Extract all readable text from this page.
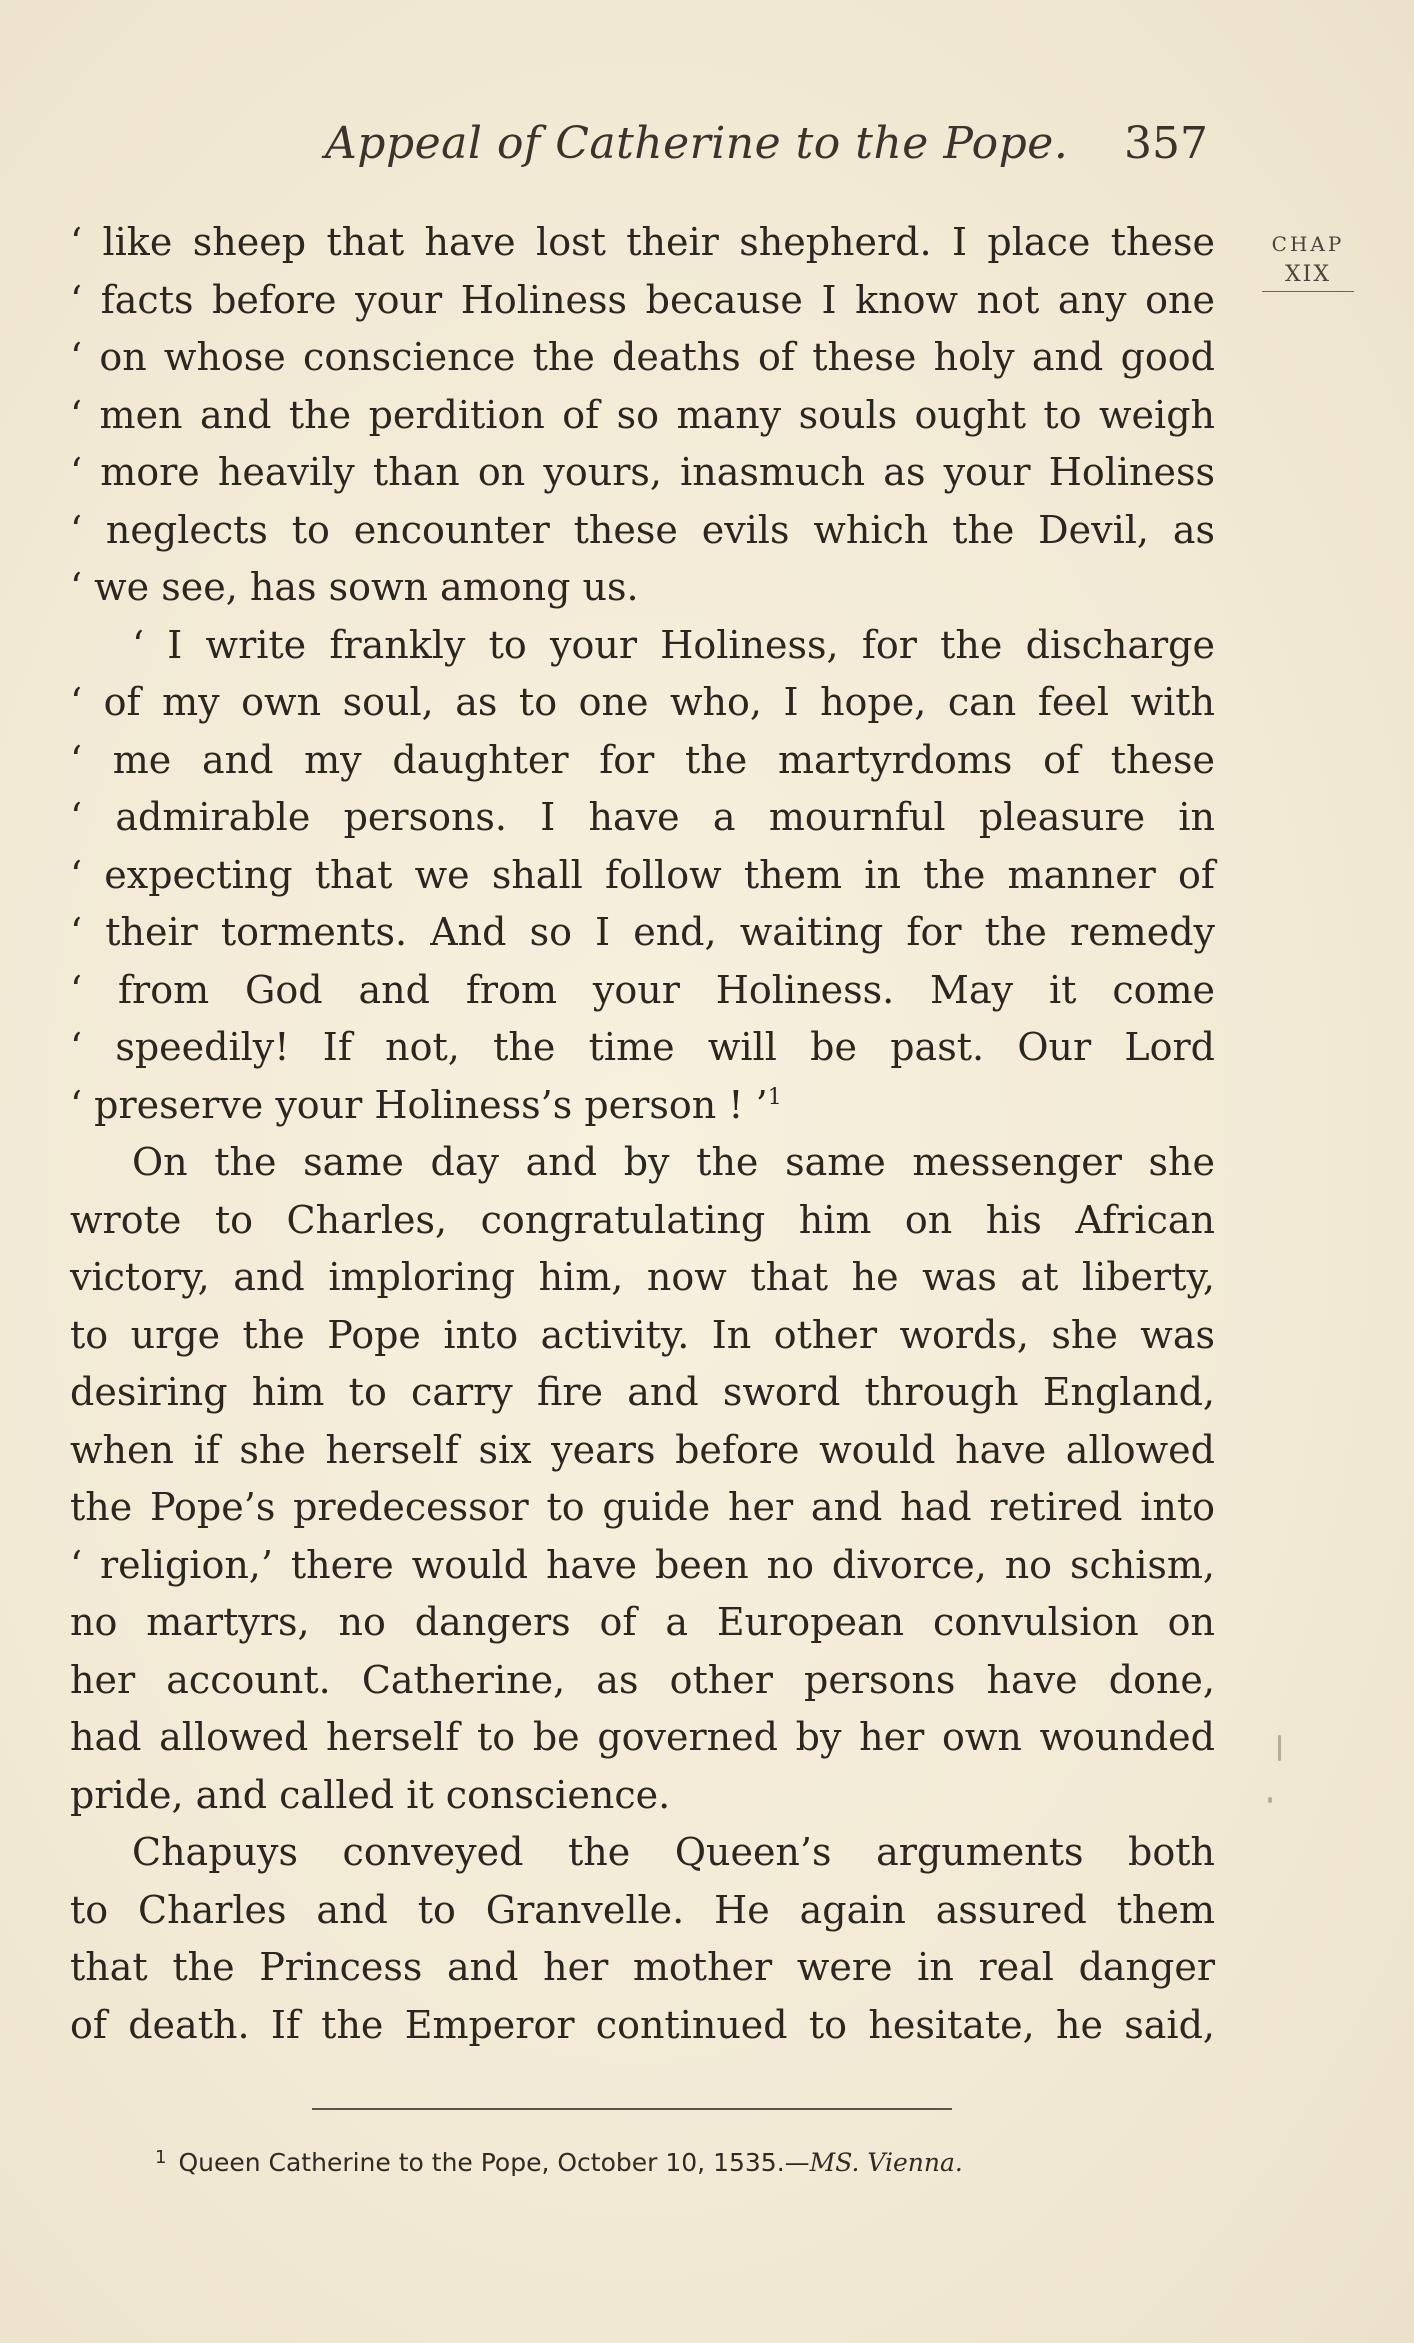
Appeal of Catherine to the Pope. 357
CHAP
XIX
‘ like sheep that have lost their shepherd. I place these
‘ facts before your Holiness because I know not any one
‘ on whose conscience the deaths of these holy and good
‘ men and the perdition of so many souls ought to weigh
‘ more heavily than on yours, inasmuch as your Holiness
‘ neglects to encounter these evils which the Devil, as
‘ we see, has sown among us.
‘ I write frankly to your Holiness, for the discharge
‘ of my own soul, as to one who, I hope, can feel with
‘ me and my daughter for the martyrdoms of these
‘ admirable persons. I have a mournful pleasure in
‘ expecting that we shall follow them in the manner of
‘ their torments. And so I end, waiting for the remedy
‘ from God and from your Holiness. May it come
‘ speedily! If not, the time will be past. Our Lord
‘ preserve your Holiness’s person ! ’$^1$
On the same day and by the same messenger she
wrote to Charles, congratulating him on his African
victory, and imploring him, now that he was at liberty,
to urge the Pope into activity. In other words, she was
desiring him to carry fire and sword through England,
when if she herself six years before would have allowed
the Pope’s predecessor to guide her and had retired into
‘ religion,’ there would have been no divorce, no schism,
no martyrs, no dangers of a European convulsion on
her account. Catherine, as other persons have done,
had allowed herself to be governed by her own wounded
pride, and called it conscience.
Chapuys conveyed the Queen’s arguments both
to Charles and to Granvelle. He again assured them
that the Princess and her mother were in real danger
of death. If the Emperor continued to hesitate, he said,
$^1$ Queen Catherine to the Pope, October 10, 1535.—MS. Vienna.
